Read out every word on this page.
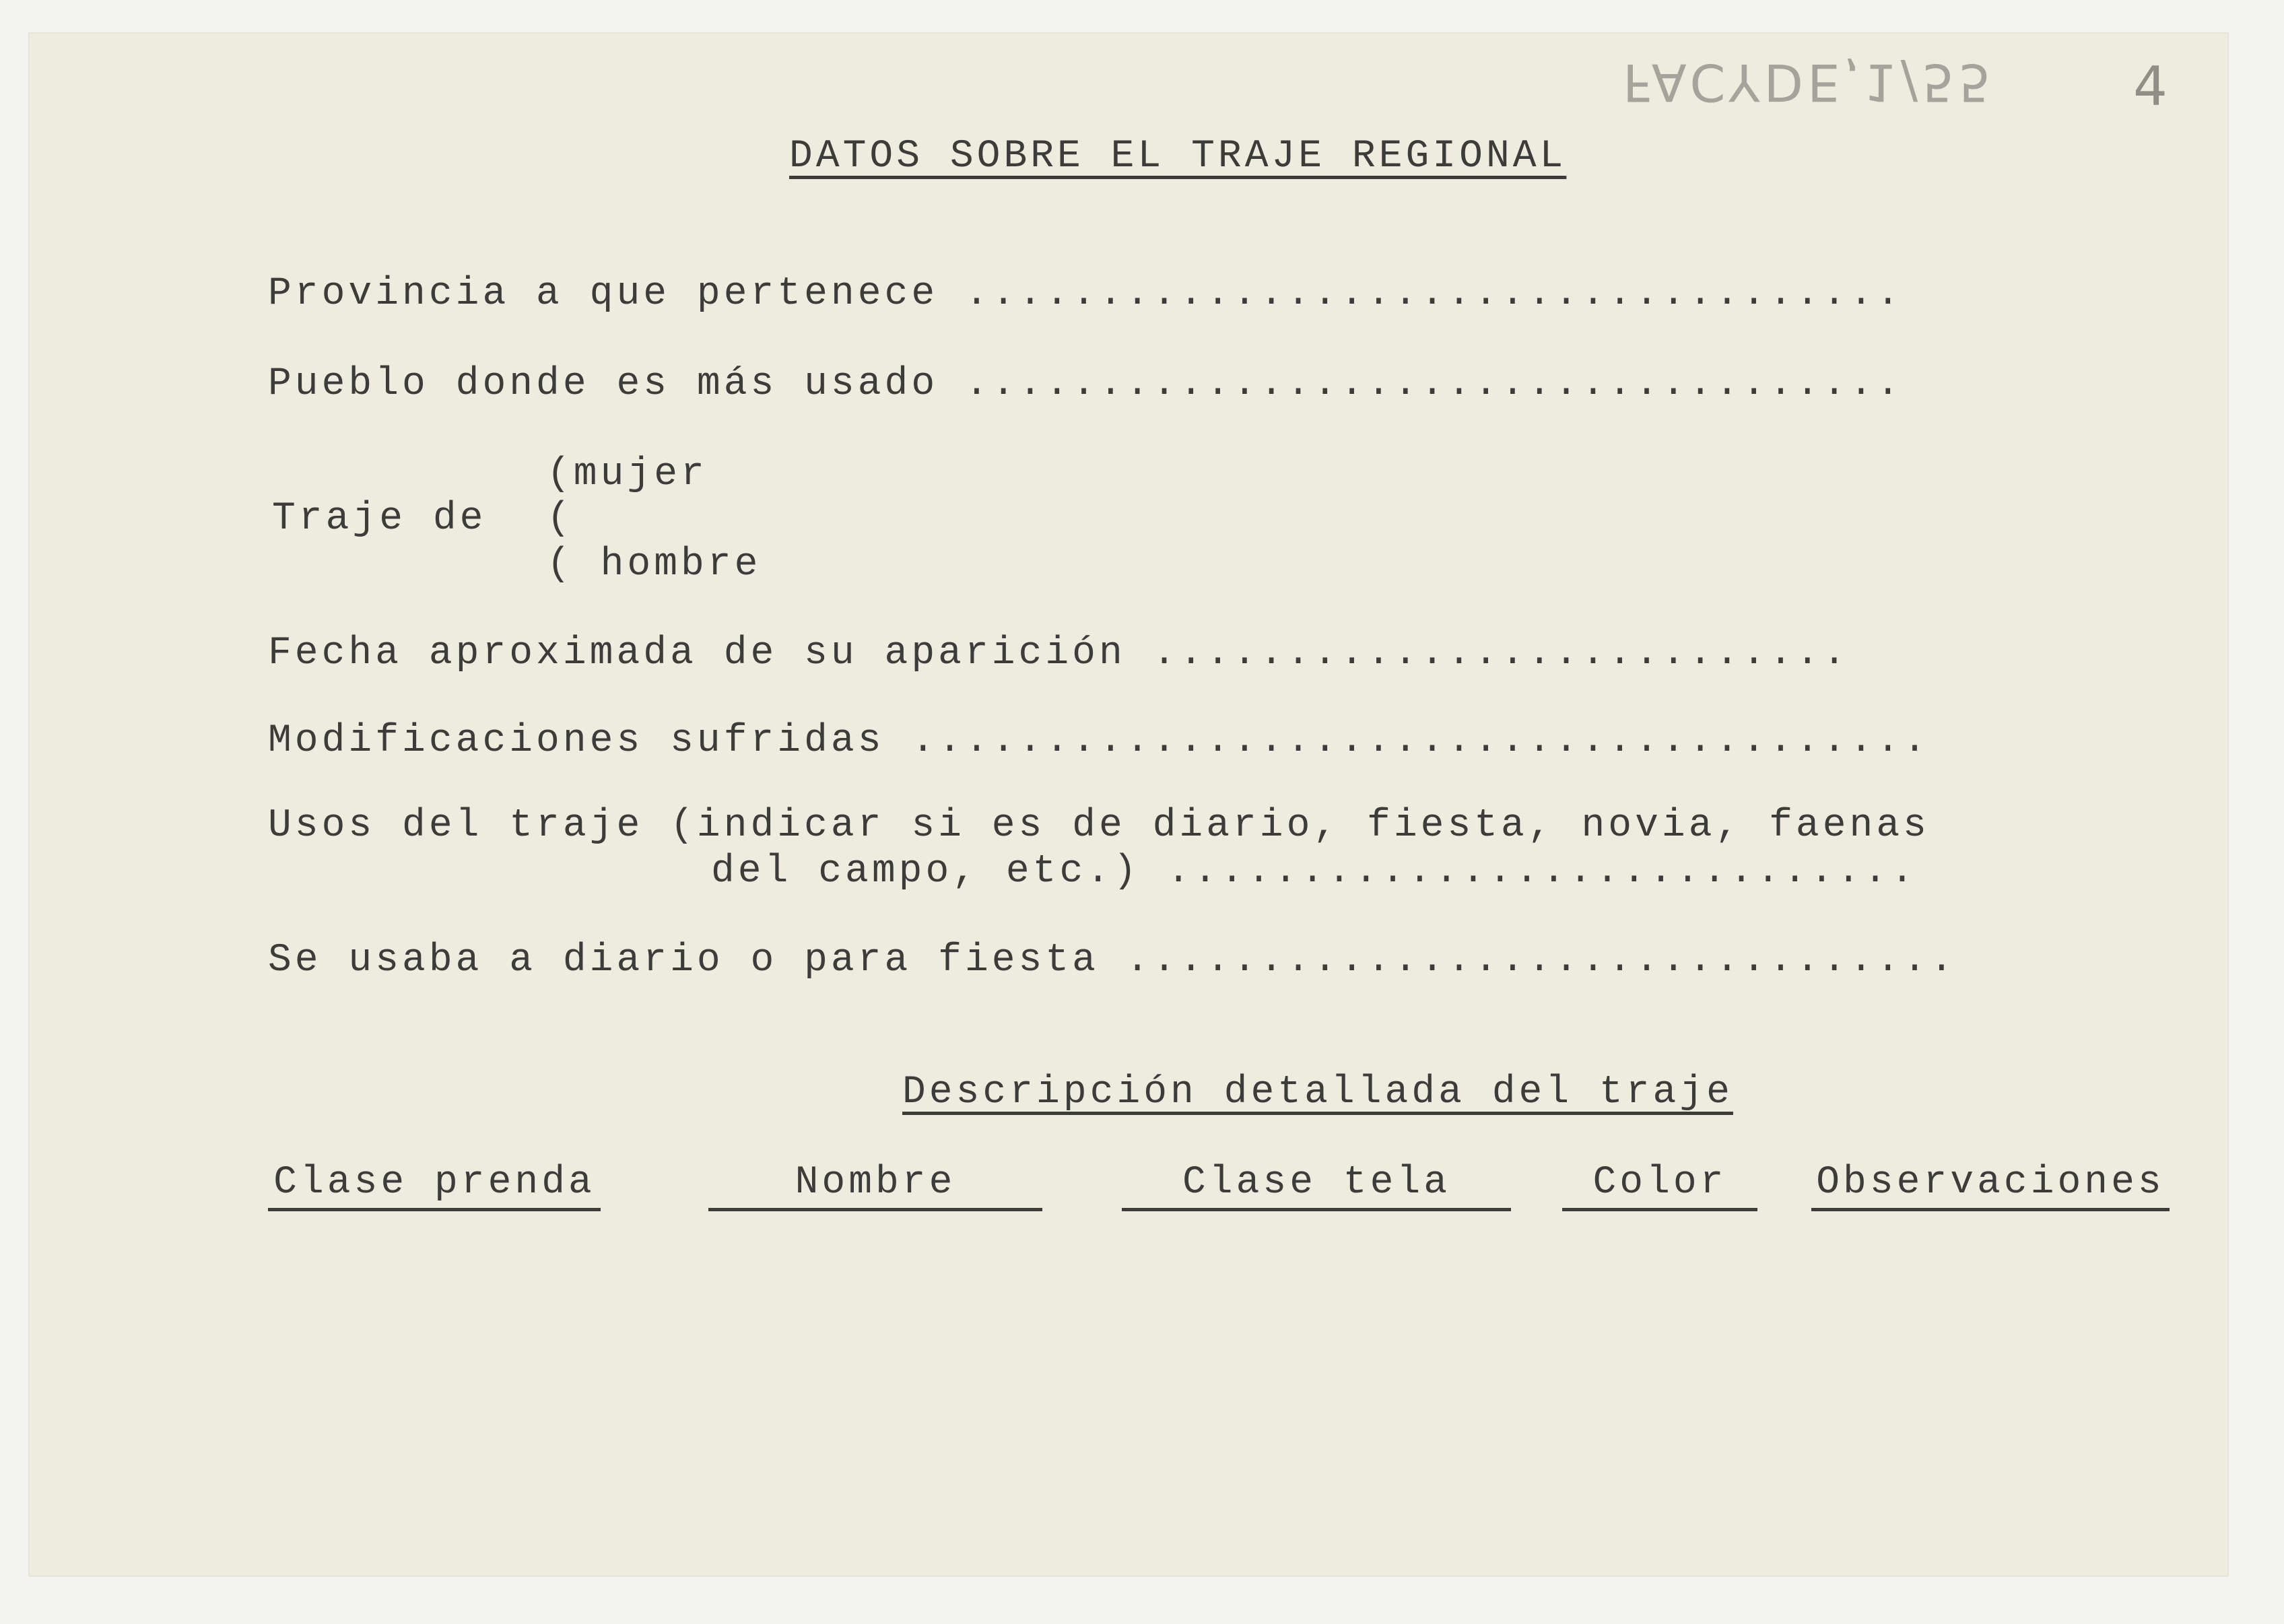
FACYDE,1/55	4
DATOS SOBRE EL TRAJE REGIONAL
Provincia a que pertenece ...................................
Pueblo donde es más usado ...................................
Traje de
(mujer
(
( hombre
Fecha aproximada de su aparición ..........................
Modificaciones sufridas ......................................
Usos del traje (indicar si es de diario, fiesta, novia, faenas
del campo, etc.) ............................
Se usaba a diario o para fiesta ...............................
Descripción detallada del traje
Clase prenda	Nombre	Clase tela	Color	Observaciones
